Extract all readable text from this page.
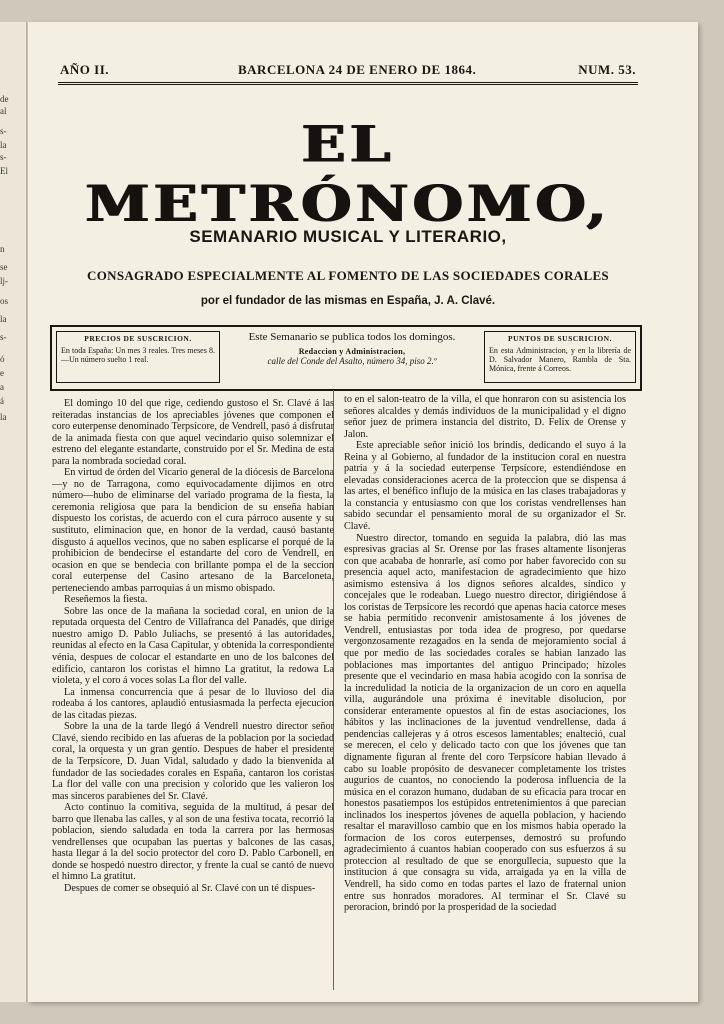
de
al
s-
la
s-
El
n
se
lj-
os
la
s-
ó
e
a
á
la
AÑO II.	BARCELONA 24 DE ENERO DE 1864.	NUM. 53.
EL METRÓNOMO,
SEMANARIO MUSICAL Y LITERARIO,
CONSAGRADO ESPECIALMENTE AL FOMENTO DE LAS SOCIEDADES CORALES
por el fundador de las mismas en España, J. A. Clavé.
PRECIOS DE SUSCRICION.

En toda España: Un mes 3 reales. Tres meses 8.—Un número suelto 1 real.

Este Semanario se publica todos los domingos.
Redaccion y Administracion,
calle del Conde del Asalto, número 34, piso 2.º
PUNTOS DE SUSCRICION.

En esta Administracion, y en la librería de D. Salvador Manero, Rambla de Sta. Mónica, frente á Correos.

El domingo 10 del que rige, cediendo gustoso el Sr. Clavé á las reiteradas instancias de los apreciables jóvenes que componen el coro euterpense denominado Terpsícore, de Vendrell, pasó á disfrutar de la animada fiesta con que aquel vecindario quiso solemnizar el estreno del elegante estandarte, construido por el Sr. Medina de esta para la nombrada sociedad coral.

En virtud de órden del Vicario general de la diócesis de Barcelona—y no de Tarragona, como equivocadamente dijimos en otro número—hubo de eliminarse del variado programa de la fiesta, la ceremonia religiosa que para la bendicion de su enseña habian dispuesto los coristas, de acuerdo con el cura párroco ausente y su sustituto, eliminacion que, en honor de la verdad, causó bastante disgusto á aquellos vecinos, que no saben esplicarse el porqué de la prohibicion de bendecirse el estandarte del coro de Vendrell, en ocasion en que se bendecia con brillante pompa el de la seccion coral euterpense del Casino artesano de la Barceloneta, perteneciendo ambas parroquias á un mismo obispado.

Reseñemos la fiesta.

Sobre las once de la mañana la sociedad coral, en union de la reputada orquesta del Centro de Villafranca del Panadés, que dirige nuestro amigo D. Pablo Juliachs, se presentó á las autoridades, reunidas al efecto en la Casa Capitular, y obtenida la correspondiente vénia, despues de colocar el estandarte en uno de los balcones del edificio, cantaron los coristas el himno La gratitut, la redowa La violeta, y el coro á voces solas La flor del valle.

La inmensa concurrencia que á pesar de lo lluvioso del dia rodeaba á los cantores, aplaudió entusiasmada la perfecta ejecucion de las citadas piezas.

Sobre la una de la tarde llegó á Vendrell nuestro director señor Clavé, siendo recibido en las afueras de la poblacion por la sociedad coral, la orquesta y un gran gentío. Despues de haber el presidente de la Terpsícore, D. Juan Vidal, saludado y dado la bienvenida al fundador de las sociedades corales en España, cantaron los coristas La flor del valle con una precision y colorido que les valieron los mas sinceros parabienes del Sr. Clavé.

Acto continuo la comitiva, seguida de la multitud, á pesar del barro que llenaba las calles, y al son de una festiva tocata, recorrió la poblacion, siendo saludada en toda la carrera por las hermosas vendrellenses que ocupaban las puertas y balcones de las casas, hasta llegar á la del socio protector del coro D. Pablo Carbonell, en donde se hospedó nuestro director, y frente la cual se cantó de nuevo el himno La gratitut.

Despues de comer se obsequió al Sr. Clavé con un té dispues-

to en el salon-teatro de la villa, el que honraron con su asistencia los señores alcaldes y demás individuos de la municipalidad y el digno señor juez de primera instancia del distrito, D. Felix de Orense y Jalon.

Este apreciable señor inició los brindis, dedicando el suyo á la Reina y al Gobierno, al fundador de la institucion coral en nuestra patria y á la sociedad euterpense Terpsícore, estendiéndose en elevadas consideraciones acerca de la proteccion que se dispensa á las artes, el benéfico influjo de la música en las clases trabajadoras y la constancia y entusiasmo con que los coristas vendrellenses han sabido secundar el pensamiento moral de su organizador el Sr. Clavé.

Nuestro director, tomando en seguida la palabra, dió las mas espresivas gracias al Sr. Orense por las frases altamente lisonjeras con que acababa de honrarle, así como por haber favorecido con su presencia aquel acto, manifestacion de agradecimiento que hizo asimismo estensiva á los dignos señores alcaldes, síndico y concejales que le rodeaban. Luego nuestro director, dirigiéndose á los coristas de Terpsícore les recordó que apenas hacia catorce meses se habia permitido reconvenir amistosamente á los jóvenes de Vendrell, entusiastas por toda idea de progreso, por quedarse vergonzosamente rezagados en la senda de mejoramiento social á que por medio de las sociedades corales se habian lanzado las poblaciones mas importantes del antiguo Principado; hízoles presente que el vecindario en masa habia acogido con la sonrisa de la incredulidad la noticia de la organizacion de un coro en aquella villa, augurándole una próxima é inevitable disolucion, por considerar enteramente opuestos al fin de estas asociaciones, los hábitos y las inclinaciones de la juventud vendrellense, dada á pendencias callejeras y á otros escesos lamentables; enalteció, cual se merecen, el celo y delicado tacto con que los jóvenes que tan dignamente figuran al frente del coro Terpsícore habian llevado á cabo su loable propósito de desvanecer completamente los tristes augurios de cuantos, no conociendo la poderosa influencia de la música en el corazon humano, dudaban de su eficacia para trocar en honestos pasatiempos los estúpidos entretenimientos á que parecian inclinados los inespertos jóvenes de aquella poblacion, y haciendo resaltar el maravilloso cambio que en los mismos habia operado la formacion de los coros euterpenses, demostró su profundo agradecimiento á cuantos habian cooperado con sus esfuerzos á su proteccion al resultado de que se enorgullecia, supuesto que la institucion á que consagra su vida, arraigada ya en la villa de Vendrell, ha sido como en todas partes el lazo de fraternal union entre sus honrados moradores. Al terminar el Sr. Clavé su peroracion, brindó por la prosperidad de la sociedad
